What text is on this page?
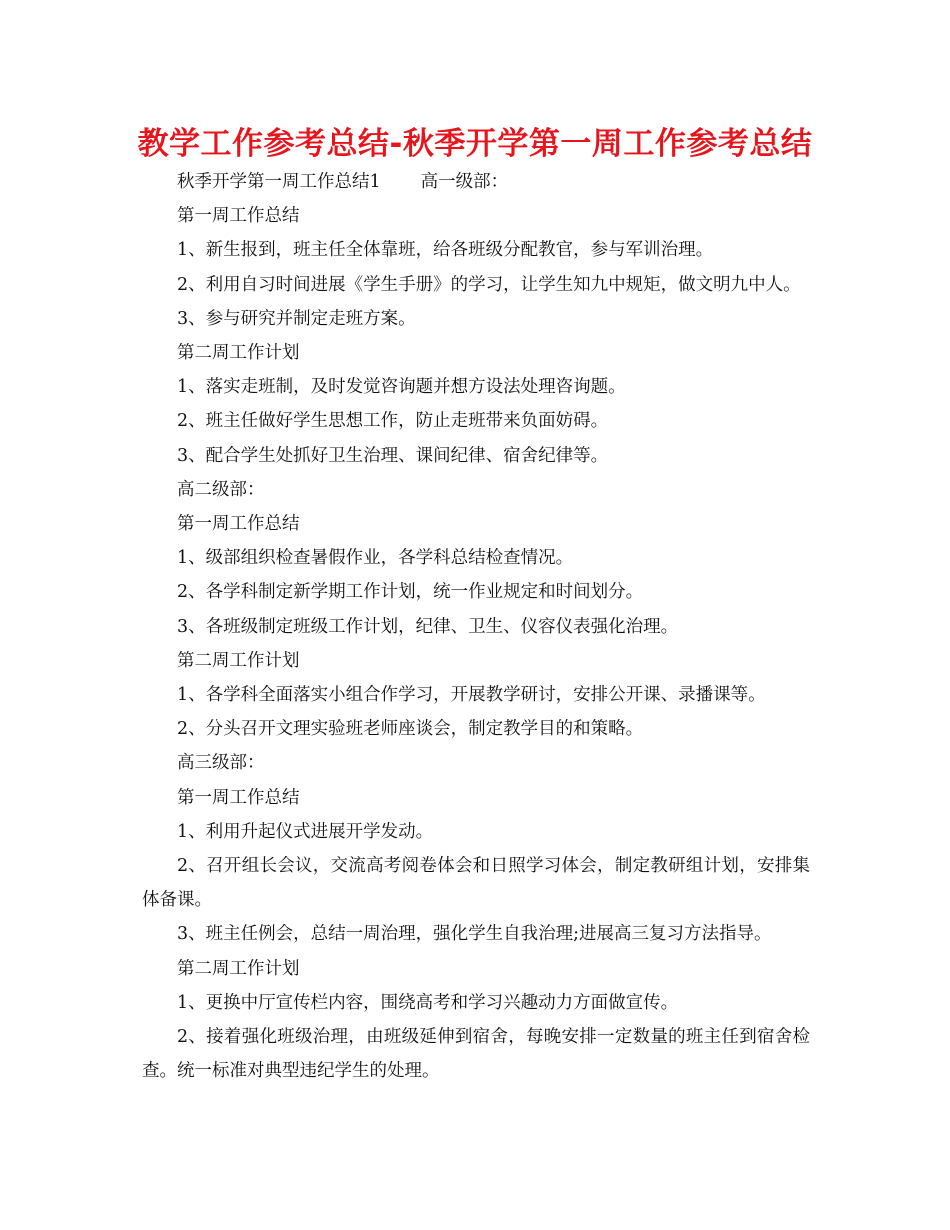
教学工作参考总结-秋季开学第一周工作参考总结

秋季开学第一周工作总结1 高一级部：

第一周工作总结

1、新生报到，班主任全体靠班，给各班级分配教官，参与军训治理。

2、利用自习时间进展《学生手册》的学习，让学生知九中规矩，做文明九中人。

3、参与研究并制定走班方案。

第二周工作计划

1、落实走班制，及时发觉咨询题并想方设法处理咨询题。

2、班主任做好学生思想工作，防止走班带来负面妨碍。

3、配合学生处抓好卫生治理、课间纪律、宿舍纪律等。

高二级部：

第一周工作总结

1、级部组织检查暑假作业，各学科总结检查情况。

2、各学科制定新学期工作计划，统一作业规定和时间划分。

3、各班级制定班级工作计划，纪律、卫生、仪容仪表强化治理。

第二周工作计划

1、各学科全面落实小组合作学习，开展教学研讨，安排公开课、录播课等。

2、分头召开文理实验班老师座谈会，制定教学目的和策略。

高三级部：

第一周工作总结

1、利用升起仪式进展开学发动。

2、召开组长会议，交流高考阅卷体会和日照学习体会，制定教研组计划，安排集体备课。

3、班主任例会，总结一周治理，强化学生自我治理;进展高三复习方法指导。

第二周工作计划

1、更换中厅宣传栏内容，围绕高考和学习兴趣动力方面做宣传。

2、接着强化班级治理，由班级延伸到宿舍，每晚安排一定数量的班主任到宿舍检查。统一标准对典型违纪学生的处理。
